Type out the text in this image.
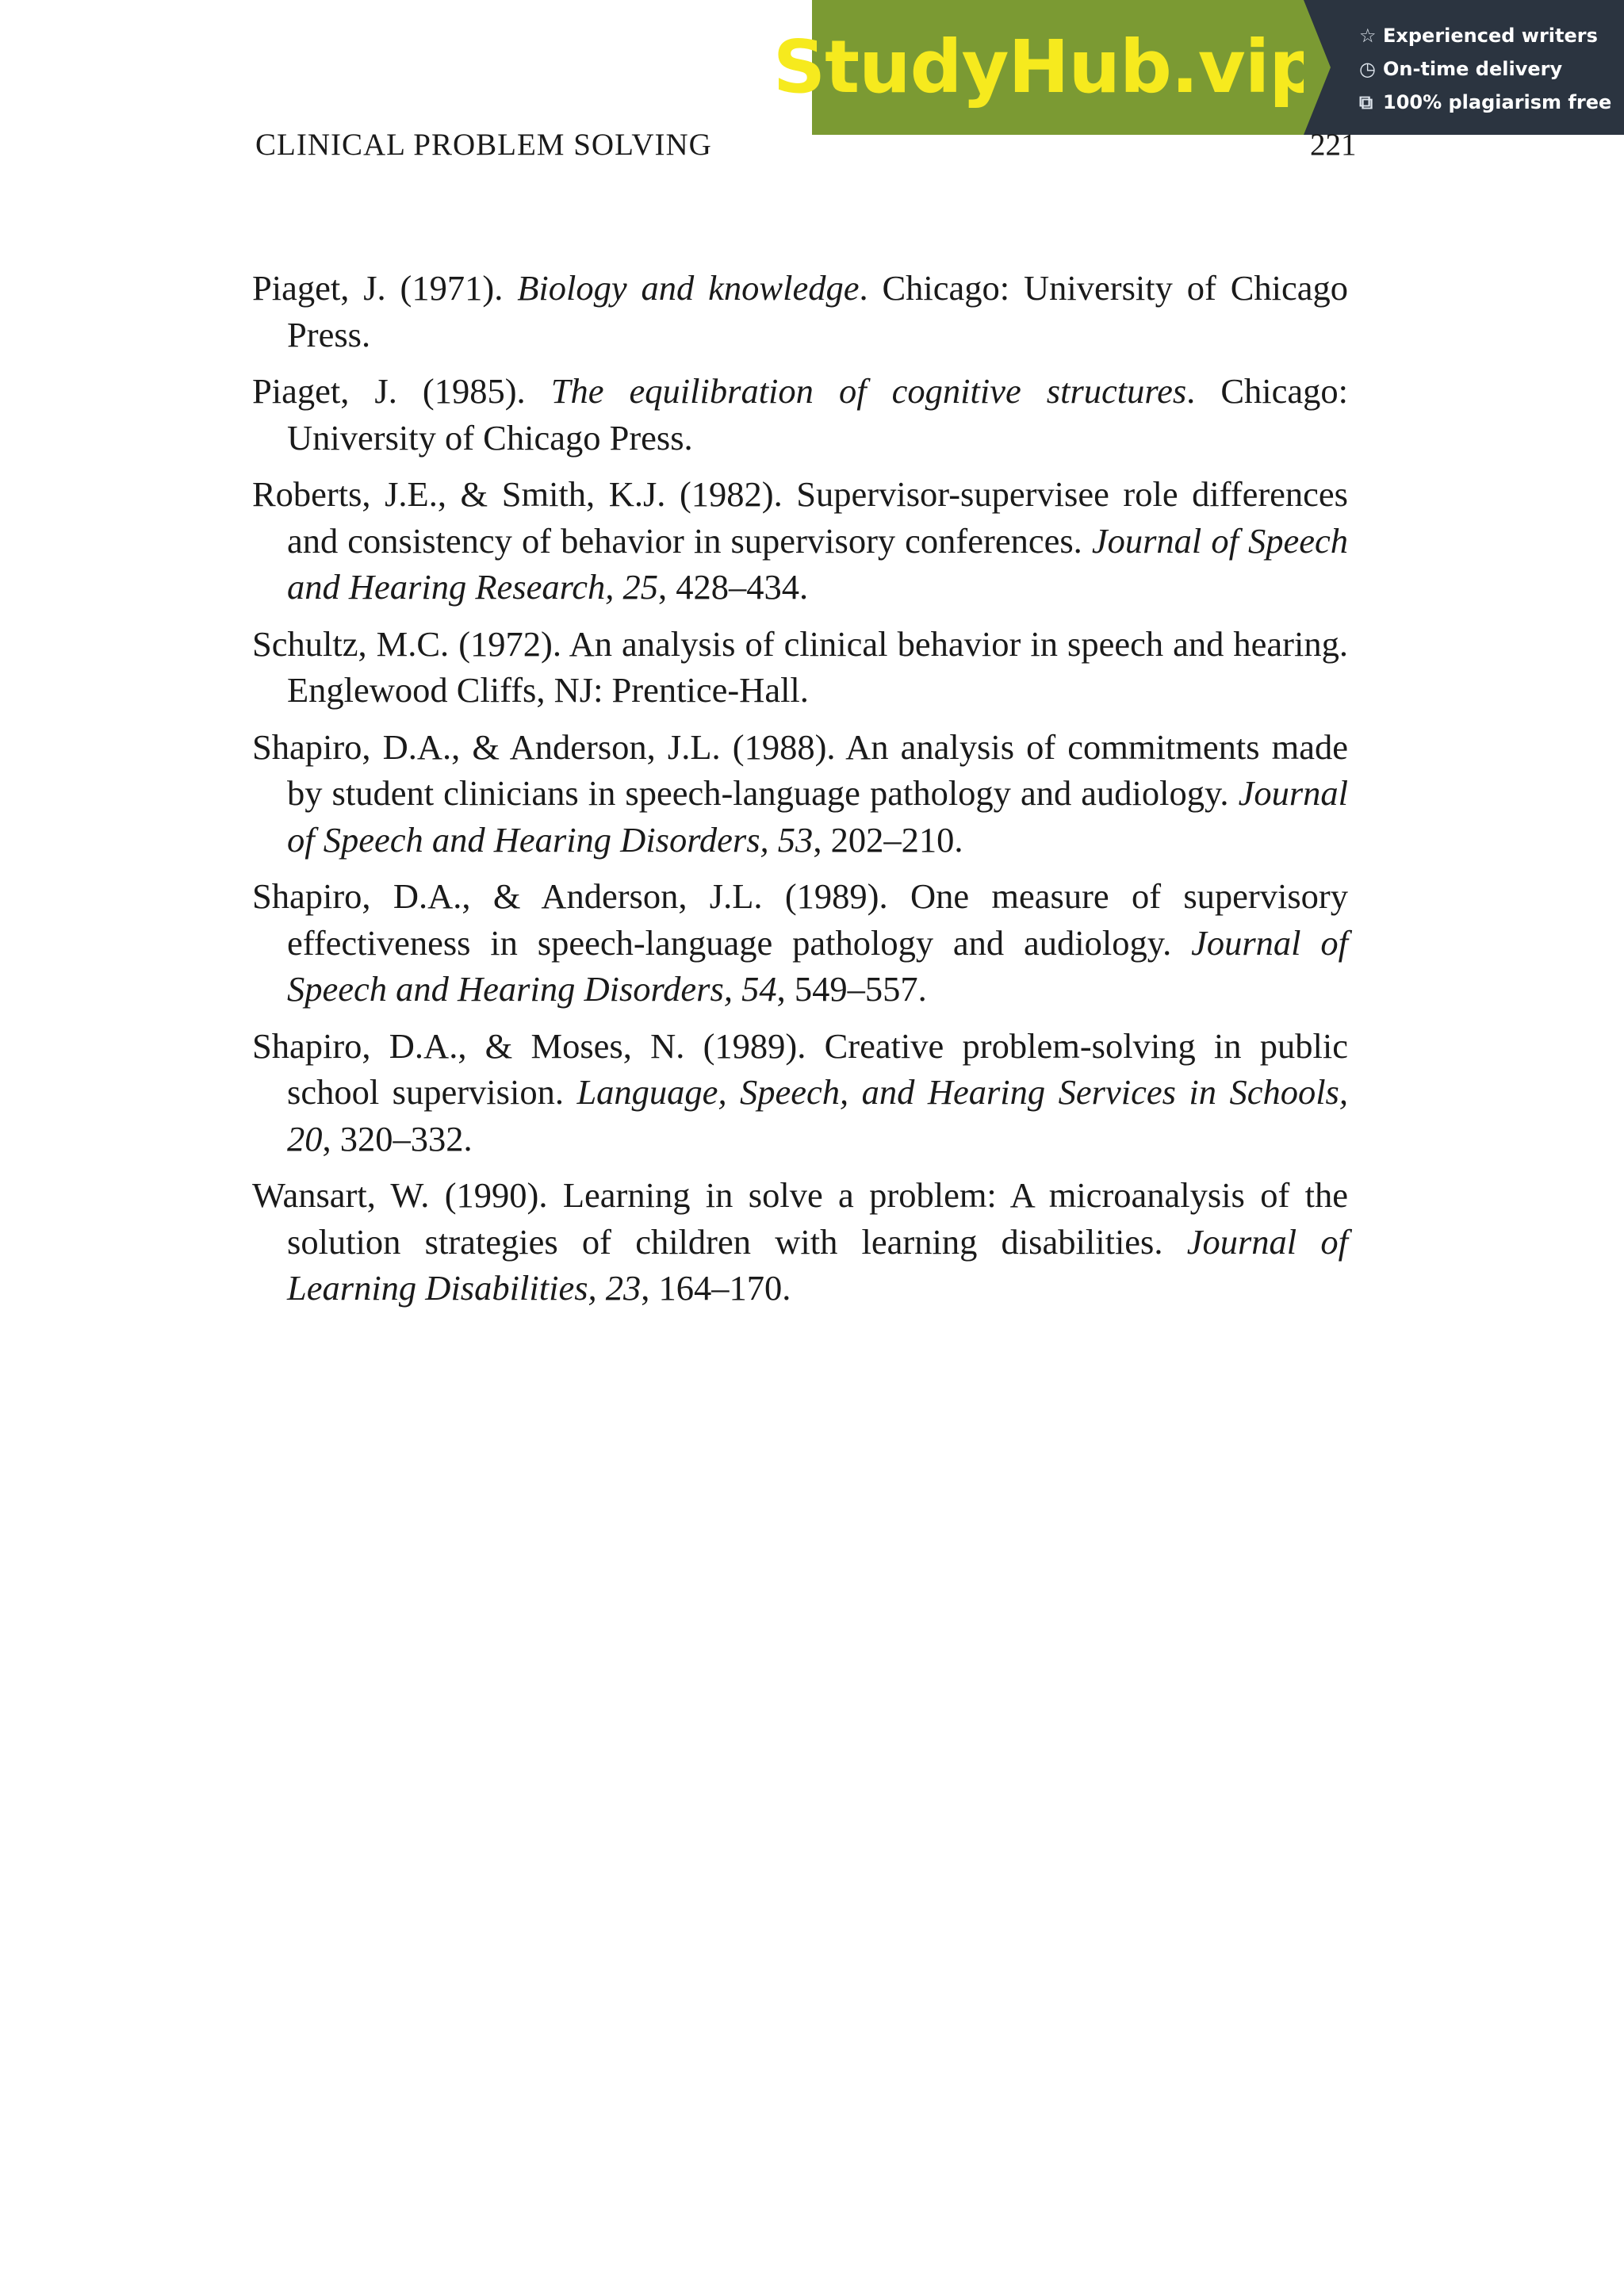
StudyHub.vip ☆ Experienced writers
◷ On-time delivery
⧉ 100% plagiarism free
CLINICAL PROBLEM SOLVING	221

Piaget, J. (1971). Biology and knowledge. Chicago: University of Chicago Press.

Piaget, J. (1985). The equilibration of cognitive structures. Chicago: University of Chicago Press.

Roberts, J.E., & Smith, K.J. (1982). Supervisor-supervisee role differences and consistency of behavior in supervisory conferences. Journal of Speech and Hearing Research, 25, 428–434.

Schultz, M.C. (1972). An analysis of clinical behavior in speech and hearing. Englewood Cliffs, NJ: Prentice-Hall.

Shapiro, D.A., & Anderson, J.L. (1988). An analysis of commitments made by student clinicians in speech-language pathology and audiology. Journal of Speech and Hearing Disorders, 53, 202–210.

Shapiro, D.A., & Anderson, J.L. (1989). One measure of supervisory effectiveness in speech-language pathology and audiology. Journal of Speech and Hearing Disorders, 54, 549–557.

Shapiro, D.A., & Moses, N. (1989). Creative problem-solving in public school supervision. Language, Speech, and Hearing Services in Schools, 20, 320–332.

Wansart, W. (1990). Learning in solve a problem: A microanalysis of the solution strategies of children with learning disabilities. Journal of Learning Disabilities, 23, 164–170.
